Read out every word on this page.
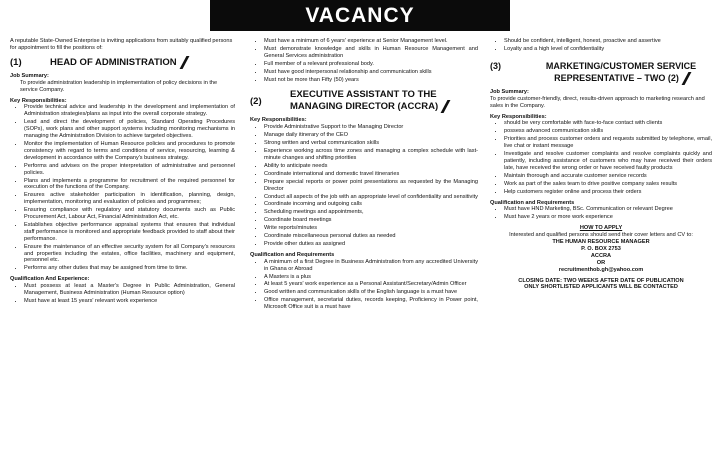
VACANCY

A reputable State-Owned Enterprise is inviting applications from suitably qualified persons for appointment to fill the positions of:

(1)	HEAD OF ADMINISTRATION
Job Summary:

To provide administration leadership in implementation of policy decisions in the service Company.

Key Responsibilities:
• Provide technical advice and leadership in the development and implementation of Administration strategies/plans as input into the overall corporate strategy.
• Lead and direct the development of policies, Standard Operating Procedures (SOPs), work plans and other support systems including monitoring mechanisms in managing the Administration Division to achieve targeted objectives.
• Monitor the implementation of Human Resource policies and procedures to promote consistency with regard to terms and conditions of service, resourcing, learning & development in accordance with the Company's business strategy.
• Performs and advises on the proper interpretation of administrative and personnel policies.
• Plans and implements a programme for recruitment of the required personnel for execution of the functions of the Company.
• Ensures active stakeholder participation in identification, planning, design, implementation, monitoring and evaluation of policies and programmes;
• Ensuring compliance with regulatory and statutory documents such as Public Procurement Act, Labour Act, Financial Administration Act, etc.
• Establishes objective performance appraisal systems that ensures that individual staff performance is monitored and appropriate feedback provided to staff about their performance.
• Ensure the maintenance of an effective security system for all Company's resources and properties including the estates, office facilities, machinery and equipment, personnel etc.
• Performs any other duties that may be assigned from time to time.
Qualification And Experience:
• Must possess at least a Master's Degree in Public Administration, General Management, Business Administration (Human Resource option)
• Must have at least 15 years' relevant work experience
• Must have a minimum of 6 years' experience at Senior Management level.
• Must demonstrate knowledge and skills in Human Resource Management and General Services administration
• Full member of a relevant professional body.
• Must have good interpersonal relationship and communication skills
• Must not be more than Fifty (50) years
(2)
EXECUTIVE ASSISTANT TO THE MANAGING DIRECTOR (ACCRA)
Key Responsibilities:
• Provide Administrative Support to the Managing Director
• Manage daily itinerary of the CEO
• Strong written and verbal communication skills
• Experience working across time zones and managing a complex schedule with last-minute changes and shifting priorities
• Ability to anticipate needs
• Coordinate international and domestic travel itineraries
• Prepare special reports or power point presentations as requested by the Managing Director
• Conduct all aspects of the job with an appropriate level of confidentiality and sensitivity
• Coordinate incoming and outgoing calls
• Scheduling meetings and appointments,
• Coordinate board meetings
• Write reports/minutes
• Coordinate miscellaneous personal duties as needed
• Provide other duties as assigned
Qualification and Requirements
• A minimum of a first Degree in Business Administration from any accredited University in Ghana or Abroad
• A Masters is a plus
• At least 5 years' work experience as a Personal Assistant/Secretary/Admin Officer
• Good written and communication skills of the English language is a must have
• Office management, secretarial duties, records keeping, Proficiency in Power point, Microsoft Office suit is a must have
• Should be confident, intelligent, honest, proactive and assertive
• Loyalty and a high level of confidentiality
(3)	MARKETING/CUSTOMER SERVICE REPRESENTATIVE – TWO (2)
Job Summary:

To provide customer-friendly, direct, results-driven approach to marketing research and sales in the Company.

Key Responsibilities:
• should be very comfortable with face-to-face contact with clients
• possess advanced communication skills
• Priorities and process customer orders and requests submitted by telephone, email, live chat or instant message
• Investigate and resolve customer complaints and resolve complaints quickly and patiently, including assistance of customers who may have received their orders late, have received the wrong order or have received faulty products
• Maintain thorough and accurate customer service records
• Work as part of the sales team to drive positive company sales results
• Help customers register online and process their orders
Qualification and Requirements
• Must have HND Marketing, BSc. Communication or relevant Degree
• Must have 2 years or more work experience
HOW TO APPLY
Interested and qualified persons should send their cover letters and CV to:
THE HUMAN RESOURCE MANAGER
P. O. BOX 2753
ACCRA
OR
recruitmenthob.gh@yahoo.com
CLOSING DATE: TWO WEEKS AFTER DATE OF PUBLICATION
ONLY SHORTLISTED APPLICANTS WILL BE CONTACTED
